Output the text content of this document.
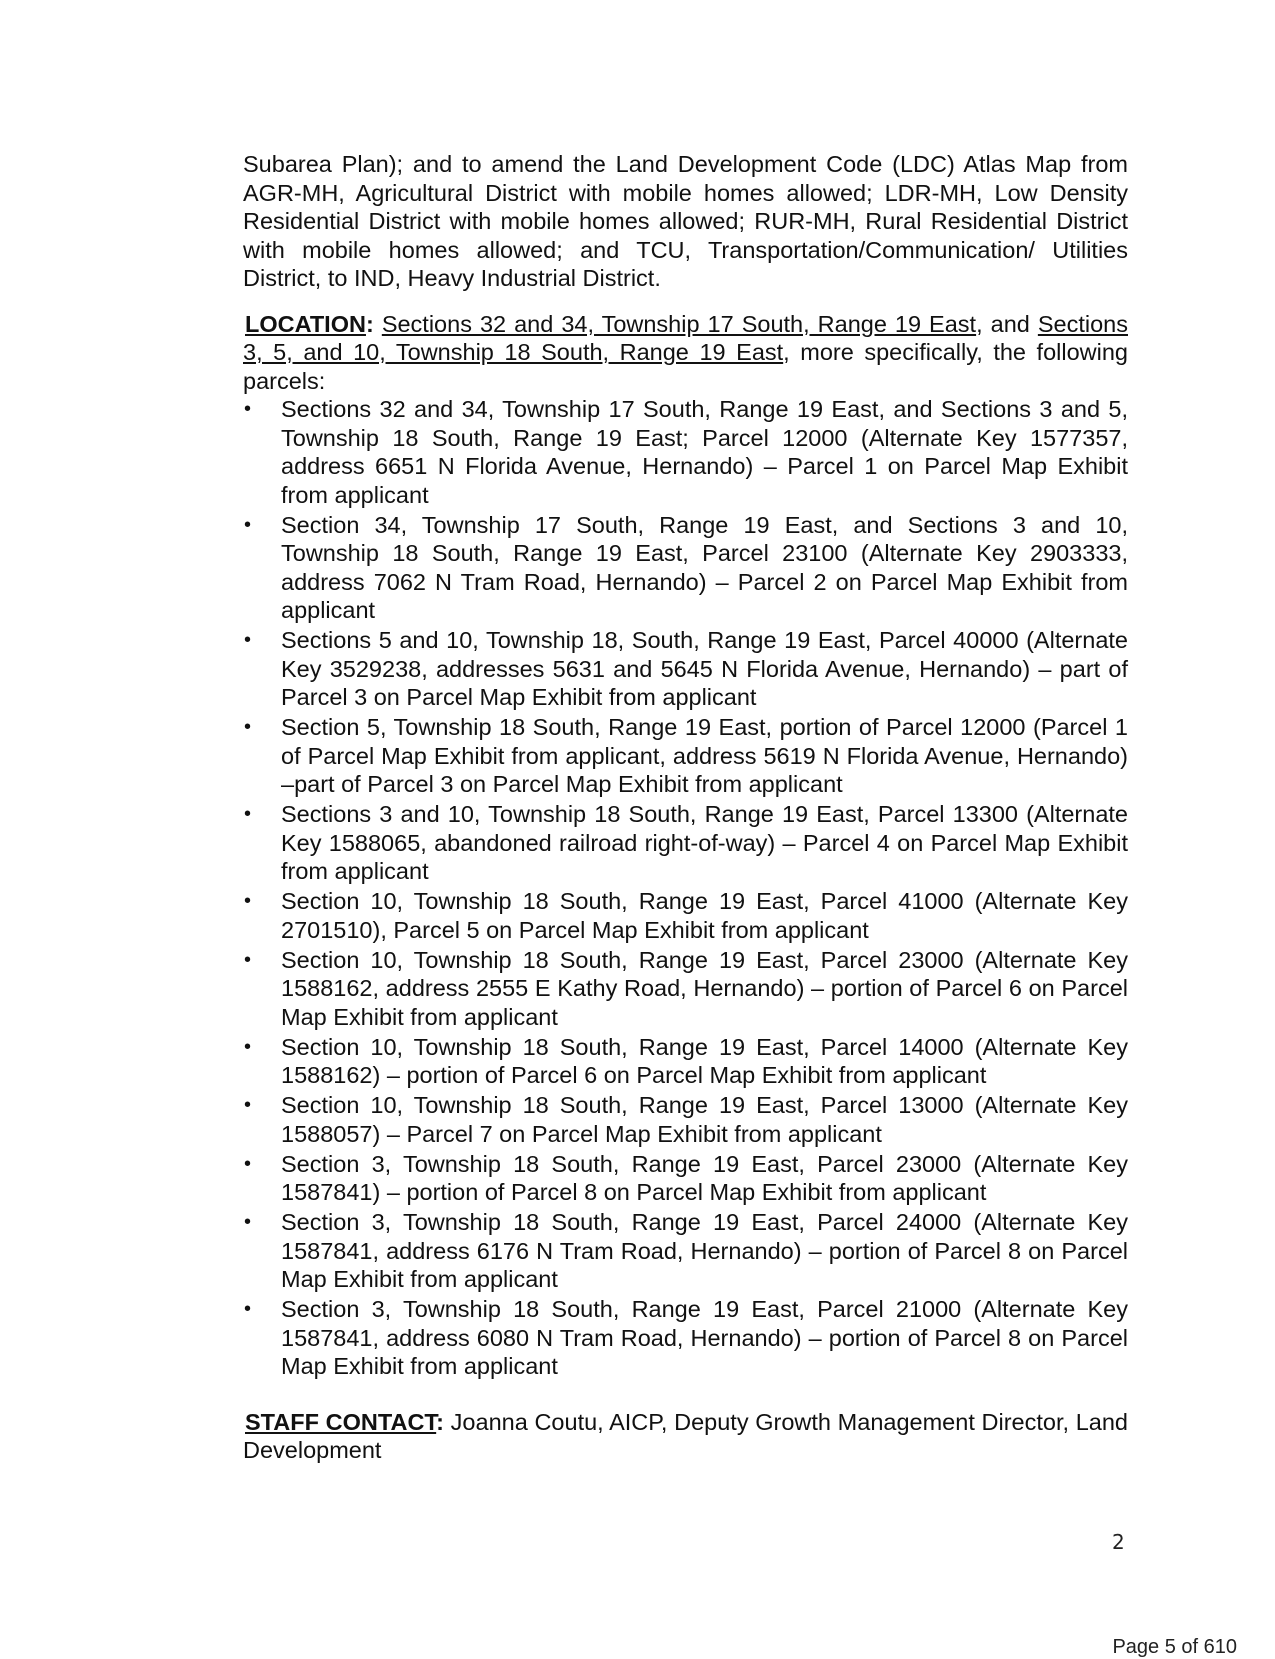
Subarea Plan); and to amend the Land Development Code (LDC) Atlas Map from AGR-MH, Agricultural District with mobile homes allowed; LDR-MH, Low Density Residential District with mobile homes allowed; RUR-MH, Rural Residential District with mobile homes allowed; and TCU, Transportation/Communication/ Utilities District, to IND, Heavy Industrial District.

LOCATION: Sections 32 and 34, Township 17 South, Range 19 East, and Sections 3, 5, and 10, Township 18 South, Range 19 East, more specifically, the following parcels:

• Sections 32 and 34, Township 17 South, Range 19 East, and Sections 3 and 5, Township 18 South, Range 19 East; Parcel 12000 (Alternate Key 1577357, address 6651 N Florida Avenue, Hernando) – Parcel 1 on Parcel Map Exhibit from applicant
• Section 34, Township 17 South, Range 19 East, and Sections 3 and 10, Township 18 South, Range 19 East, Parcel 23100 (Alternate Key 2903333, address 7062 N Tram Road, Hernando) – Parcel 2 on Parcel Map Exhibit from applicant
• Sections 5 and 10, Township 18, South, Range 19 East, Parcel 40000 (Alternate Key 3529238, addresses 5631 and 5645 N Florida Avenue, Hernando) – part of Parcel 3 on Parcel Map Exhibit from applicant
• Section 5, Township 18 South, Range 19 East, portion of Parcel 12000 (Parcel 1 of Parcel Map Exhibit from applicant, address 5619 N Florida Avenue, Hernando) –part of Parcel 3 on Parcel Map Exhibit from applicant
• Sections 3 and 10, Township 18 South, Range 19 East, Parcel 13300 (Alternate Key 1588065, abandoned railroad right-of-way) – Parcel 4 on Parcel Map Exhibit from applicant
• Section 10, Township 18 South, Range 19 East, Parcel 41000 (Alternate Key 2701510), Parcel 5 on Parcel Map Exhibit from applicant
• Section 10, Township 18 South, Range 19 East, Parcel 23000 (Alternate Key 1588162, address 2555 E Kathy Road, Hernando) – portion of Parcel 6 on Parcel Map Exhibit from applicant
• Section 10, Township 18 South, Range 19 East, Parcel 14000 (Alternate Key 1588162) – portion of Parcel 6 on Parcel Map Exhibit from applicant
• Section 10, Township 18 South, Range 19 East, Parcel 13000 (Alternate Key 1588057) – Parcel 7 on Parcel Map Exhibit from applicant
• Section 3, Township 18 South, Range 19 East, Parcel 23000 (Alternate Key 1587841) – portion of Parcel 8 on Parcel Map Exhibit from applicant
• Section 3, Township 18 South, Range 19 East, Parcel 24000 (Alternate Key 1587841, address 6176 N Tram Road, Hernando) – portion of Parcel 8 on Parcel Map Exhibit from applicant
• Section 3, Township 18 South, Range 19 East, Parcel 21000 (Alternate Key 1587841, address 6080 N Tram Road, Hernando) – portion of Parcel 8 on Parcel Map Exhibit from applicant

STAFF CONTACT: Joanna Coutu, AICP, Deputy Growth Management Director, Land Development

2
Page 5 of 610
